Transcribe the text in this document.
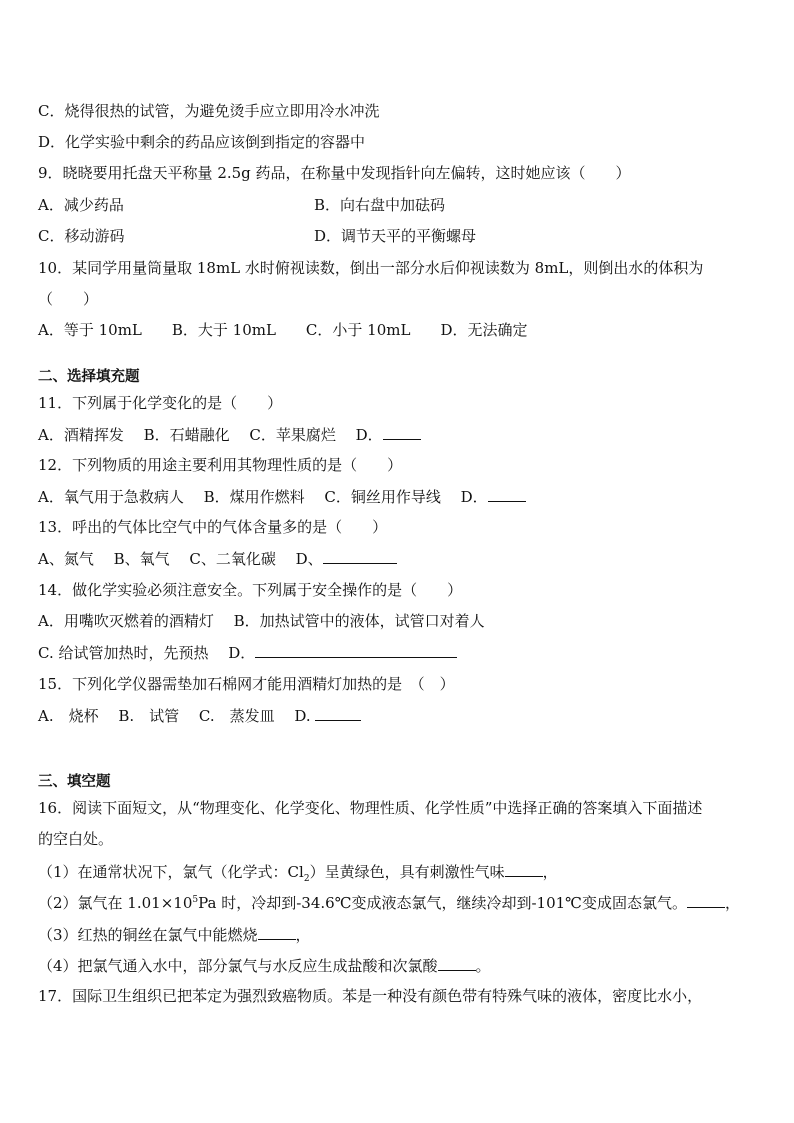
C．烧得很热的试管，为避免烫手应立即用冷水冲洗
D．化学实验中剩余的药品应该倒到指定的容器中
9．晓晓要用托盘天平称量 2.5g 药品，在称量中发现指针向左偏转，这时她应该（　　）
A．减少药品	B．向右盘中加砝码
C．移动游码	D．调节天平的平衡螺母
10．某同学用量筒量取 18mL 水时俯视读数，倒出一部分水后仰视读数为 8mL，则倒出水的体积为
（　　）
A．等于 10mL　　B．大于 10mL　　C．小于 10mL　　D．无法确定
二、选择填充题
11．下列属于化学变化的是（　　）
A．酒精挥发　 B．石蜡融化　 C．苹果腐烂　 D．
12．下列物质的用途主要利用其物理性质的是（　　）
A．氧气用于急救病人　 B．煤用作燃料　 C．铜丝用作导线　 D．
13．呼出的气体比空气中的气体含量多的是（　　）
A、氮气　 B、氧气　 C、二氧化碳　 D、
14．做化学实验必须注意安全。下列属于安全操作的是（　　）
A．用嘴吹灭燃着的酒精灯　 B．加热试管中的液体，试管口对着人
C. 给试管加热时，先预热　 D．
15．下列化学仪器需垫加石棉网才能用酒精灯加热的是　（　）
A.　烧杯　 B.　试管　 C.　蒸发皿　 D.
三、填空题
16．阅读下面短文，从“物理变化、化学变化、物理性质、化学性质”中选择正确的答案填入下面描述
的空白处。
（1）在通常状况下，氯气（化学式：$Cl_2$）呈黄绿色，具有刺激性气味	，
（2）氯气在 $1.01\times 10^5Pa$ 时，冷却到-34.6℃变成液态氯气，继续冷却到-101℃变成固态氯气。	，
（3）红热的铜丝在氯气中能燃烧	，
（4）把氯气通入水中，部分氯气与水反应生成盐酸和次氯酸	。
17．国际卫生组织已把苯定为强烈致癌物质。苯是一种没有颜色带有特殊气味的液体，密度比水小，
